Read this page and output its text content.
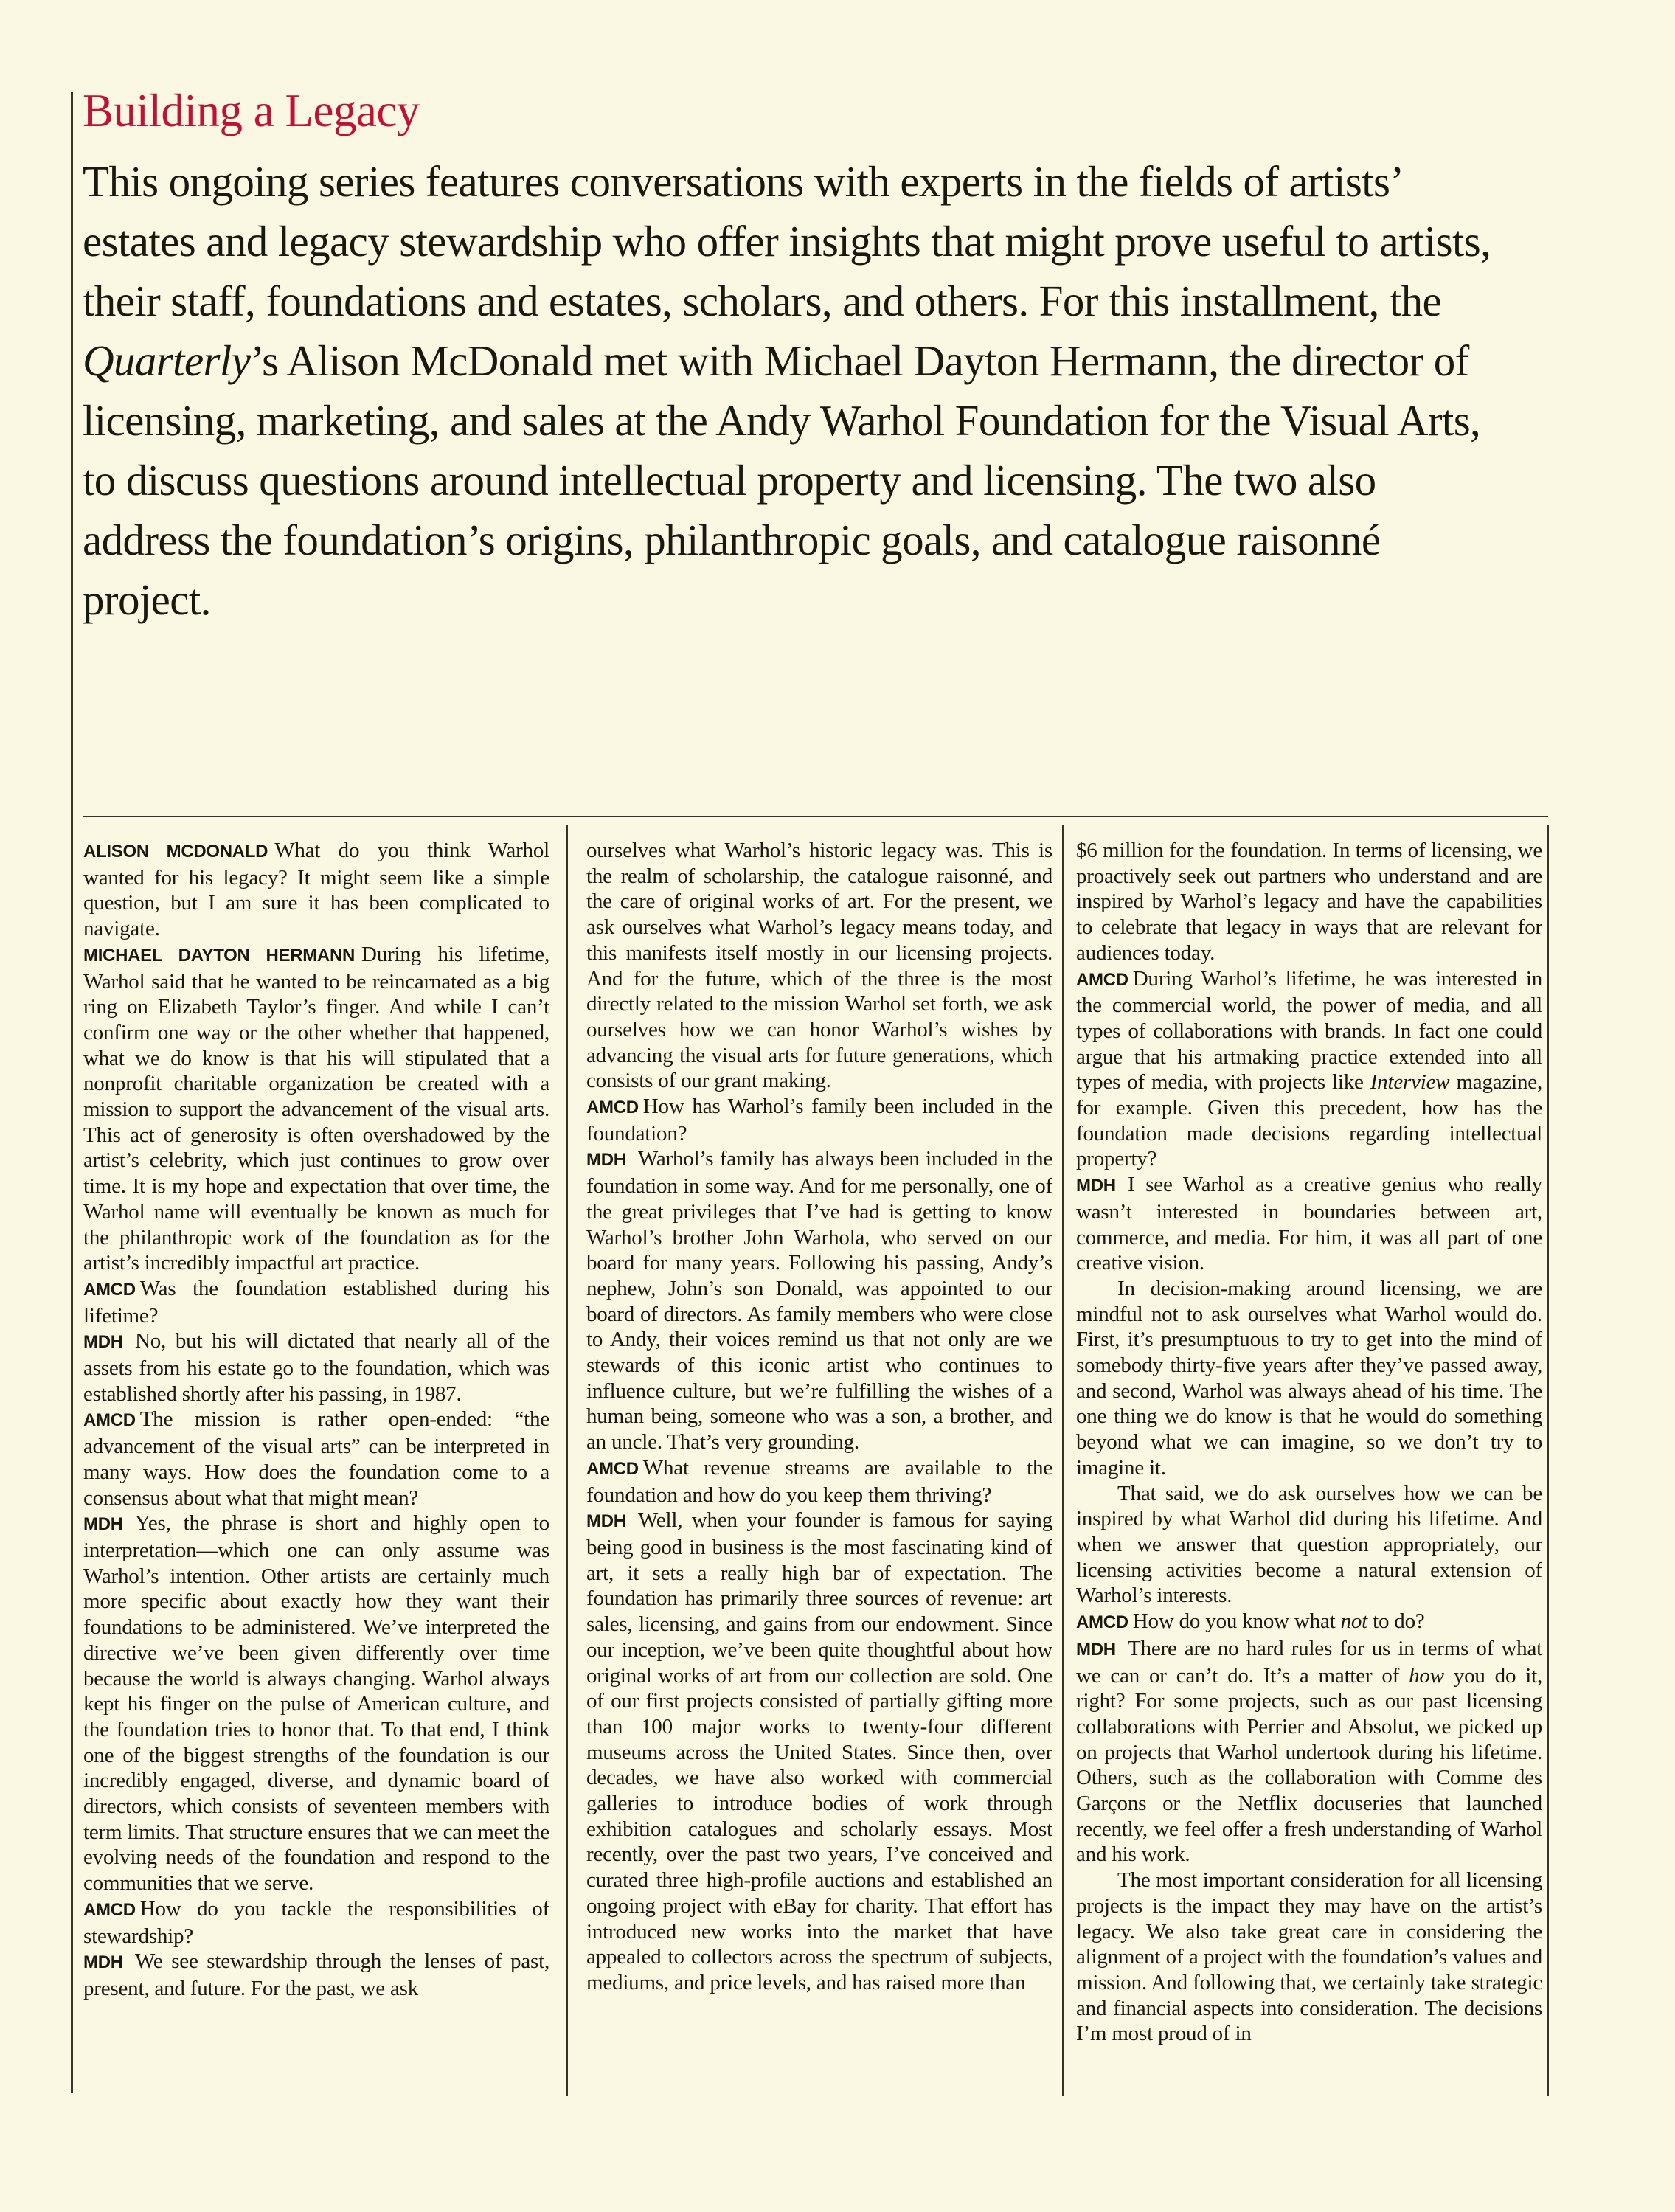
Building a Legacy
This ongoing series features conversations with experts in the fields of artists’ estates and legacy stewardship who offer insights that might prove useful to artists, their staff, foundations and estates, scholars, and others. For this installment, the Quarterly’s Alison McDonald met with Michael Dayton Hermann, the director of licensing, marketing, and sales at the Andy Warhol Foundation for the Visual Arts, to discuss questions around intellectual property and licensing. The two also address the foundation’s origins, philanthropic goals, and catalogue raisonné project.

ALISON MCDONALD What do you think Warhol wanted for his legacy? It might seem like a simple question, but I am sure it has been complicated to navigate.

MICHAEL DAYTON HERMANN During his lifetime, Warhol said that he wanted to be reincarnated as a big ring on Elizabeth Taylor’s finger. And while I can’t confirm one way or the other whether that happened, what we do know is that his will stipulated that a nonprofit charitable organization be created with a mission to support the advancement of the visual arts. This act of generosity is often overshadowed by the artist’s celebrity, which just continues to grow over time. It is my hope and expectation that over time, the Warhol name will eventually be known as much for the philanthropic work of the foundation as for the artist’s incredibly impactful art practice.

AMCD Was the foundation established during his lifetime?

MDH No, but his will dictated that nearly all of the assets from his estate go to the foundation, which was established shortly after his passing, in 1987.

AMCD The mission is rather open-ended: “the advancement of the visual arts” can be interpreted in many ways. How does the foundation come to a consensus about what that might mean?

MDH Yes, the phrase is short and highly open to interpretation—which one can only assume was Warhol’s intention. Other artists are certainly much more specific about exactly how they want their foundations to be administered. We’ve interpreted the directive we’ve been given differently over time because the world is always changing. Warhol always kept his finger on the pulse of American culture, and the foundation tries to honor that. To that end, I think one of the biggest strengths of the foundation is our incredibly engaged, diverse, and dynamic board of directors, which consists of seventeen members with term limits. That structure ensures that we can meet the evolving needs of the foundation and respond to the communities that we serve.

AMCD How do you tackle the responsibilities of stewardship?

MDH We see stewardship through the lenses of past, present, and future. For the past, we ask

ourselves what Warhol’s historic legacy was. This is the realm of scholarship, the catalogue raisonné, and the care of original works of art. For the present, we ask ourselves what Warhol’s legacy means today, and this manifests itself mostly in our licensing projects. And for the future, which of the three is the most directly related to the mission Warhol set forth, we ask ourselves how we can honor Warhol’s wishes by advancing the visual arts for future generations, which consists of our grant making.

AMCD How has Warhol’s family been included in the foundation?

MDH Warhol’s family has always been included in the foundation in some way. And for me personally, one of the great privileges that I’ve had is getting to know Warhol’s brother John Warhola, who served on our board for many years. Following his passing, Andy’s nephew, John’s son Donald, was appointed to our board of directors. As family members who were close to Andy, their voices remind us that not only are we stewards of this iconic artist who continues to influence culture, but we’re fulfilling the wishes of a human being, someone who was a son, a brother, and an uncle. That’s very grounding.

AMCD What revenue streams are available to the foundation and how do you keep them thriving?

MDH Well, when your founder is famous for saying being good in business is the most fascinating kind of art, it sets a really high bar of expectation. The foundation has primarily three sources of revenue: art sales, licensing, and gains from our endowment. Since our inception, we’ve been quite thoughtful about how original works of art from our collection are sold. One of our first projects consisted of partially gifting more than 100 major works to twenty-four different museums across the United States. Since then, over decades, we have also worked with commercial galleries to introduce bodies of work through exhibition catalogues and scholarly essays. Most recently, over the past two years, I’ve conceived and curated three high-profile auctions and established an ongoing project with eBay for charity. That effort has introduced new works into the market that have appealed to collectors across the spectrum of subjects, mediums, and price levels, and has raised more than

$6 million for the foundation. In terms of licensing, we proactively seek out partners who understand and are inspired by Warhol’s legacy and have the capabilities to celebrate that legacy in ways that are relevant for audiences today.

AMCD During Warhol’s lifetime, he was interested in the commercial world, the power of media, and all types of collaborations with brands. In fact one could argue that his artmaking practice extended into all types of media, with projects like Interview magazine, for example. Given this precedent, how has the foundation made decisions regarding intellectual property?

MDH I see Warhol as a creative genius who really wasn’t interested in boundaries between art, commerce, and media. For him, it was all part of one creative vision.

In decision-making around licensing, we are mindful not to ask ourselves what Warhol would do. First, it’s presumptuous to try to get into the mind of somebody thirty-five years after they’ve passed away, and second, Warhol was always ahead of his time. The one thing we do know is that he would do something beyond what we can imagine, so we don’t try to imagine it.

That said, we do ask ourselves how we can be inspired by what Warhol did during his lifetime. And when we answer that question appropriately, our licensing activities become a natural extension of Warhol’s interests.

AMCD How do you know what not to do?

MDH There are no hard rules for us in terms of what we can or can’t do. It’s a matter of how you do it, right? For some projects, such as our past licensing collaborations with Perrier and Absolut, we picked up on projects that Warhol undertook during his lifetime. Others, such as the collaboration with Comme des Garçons or the Netflix docuseries that launched recently, we feel offer a fresh understanding of Warhol and his work.

The most important consideration for all licensing projects is the impact they may have on the artist’s legacy. We also take great care in considering the alignment of a project with the foundation’s values and mission. And following that, we certainly take strategic and financial aspects into consideration. The decisions I’m most proud of in
